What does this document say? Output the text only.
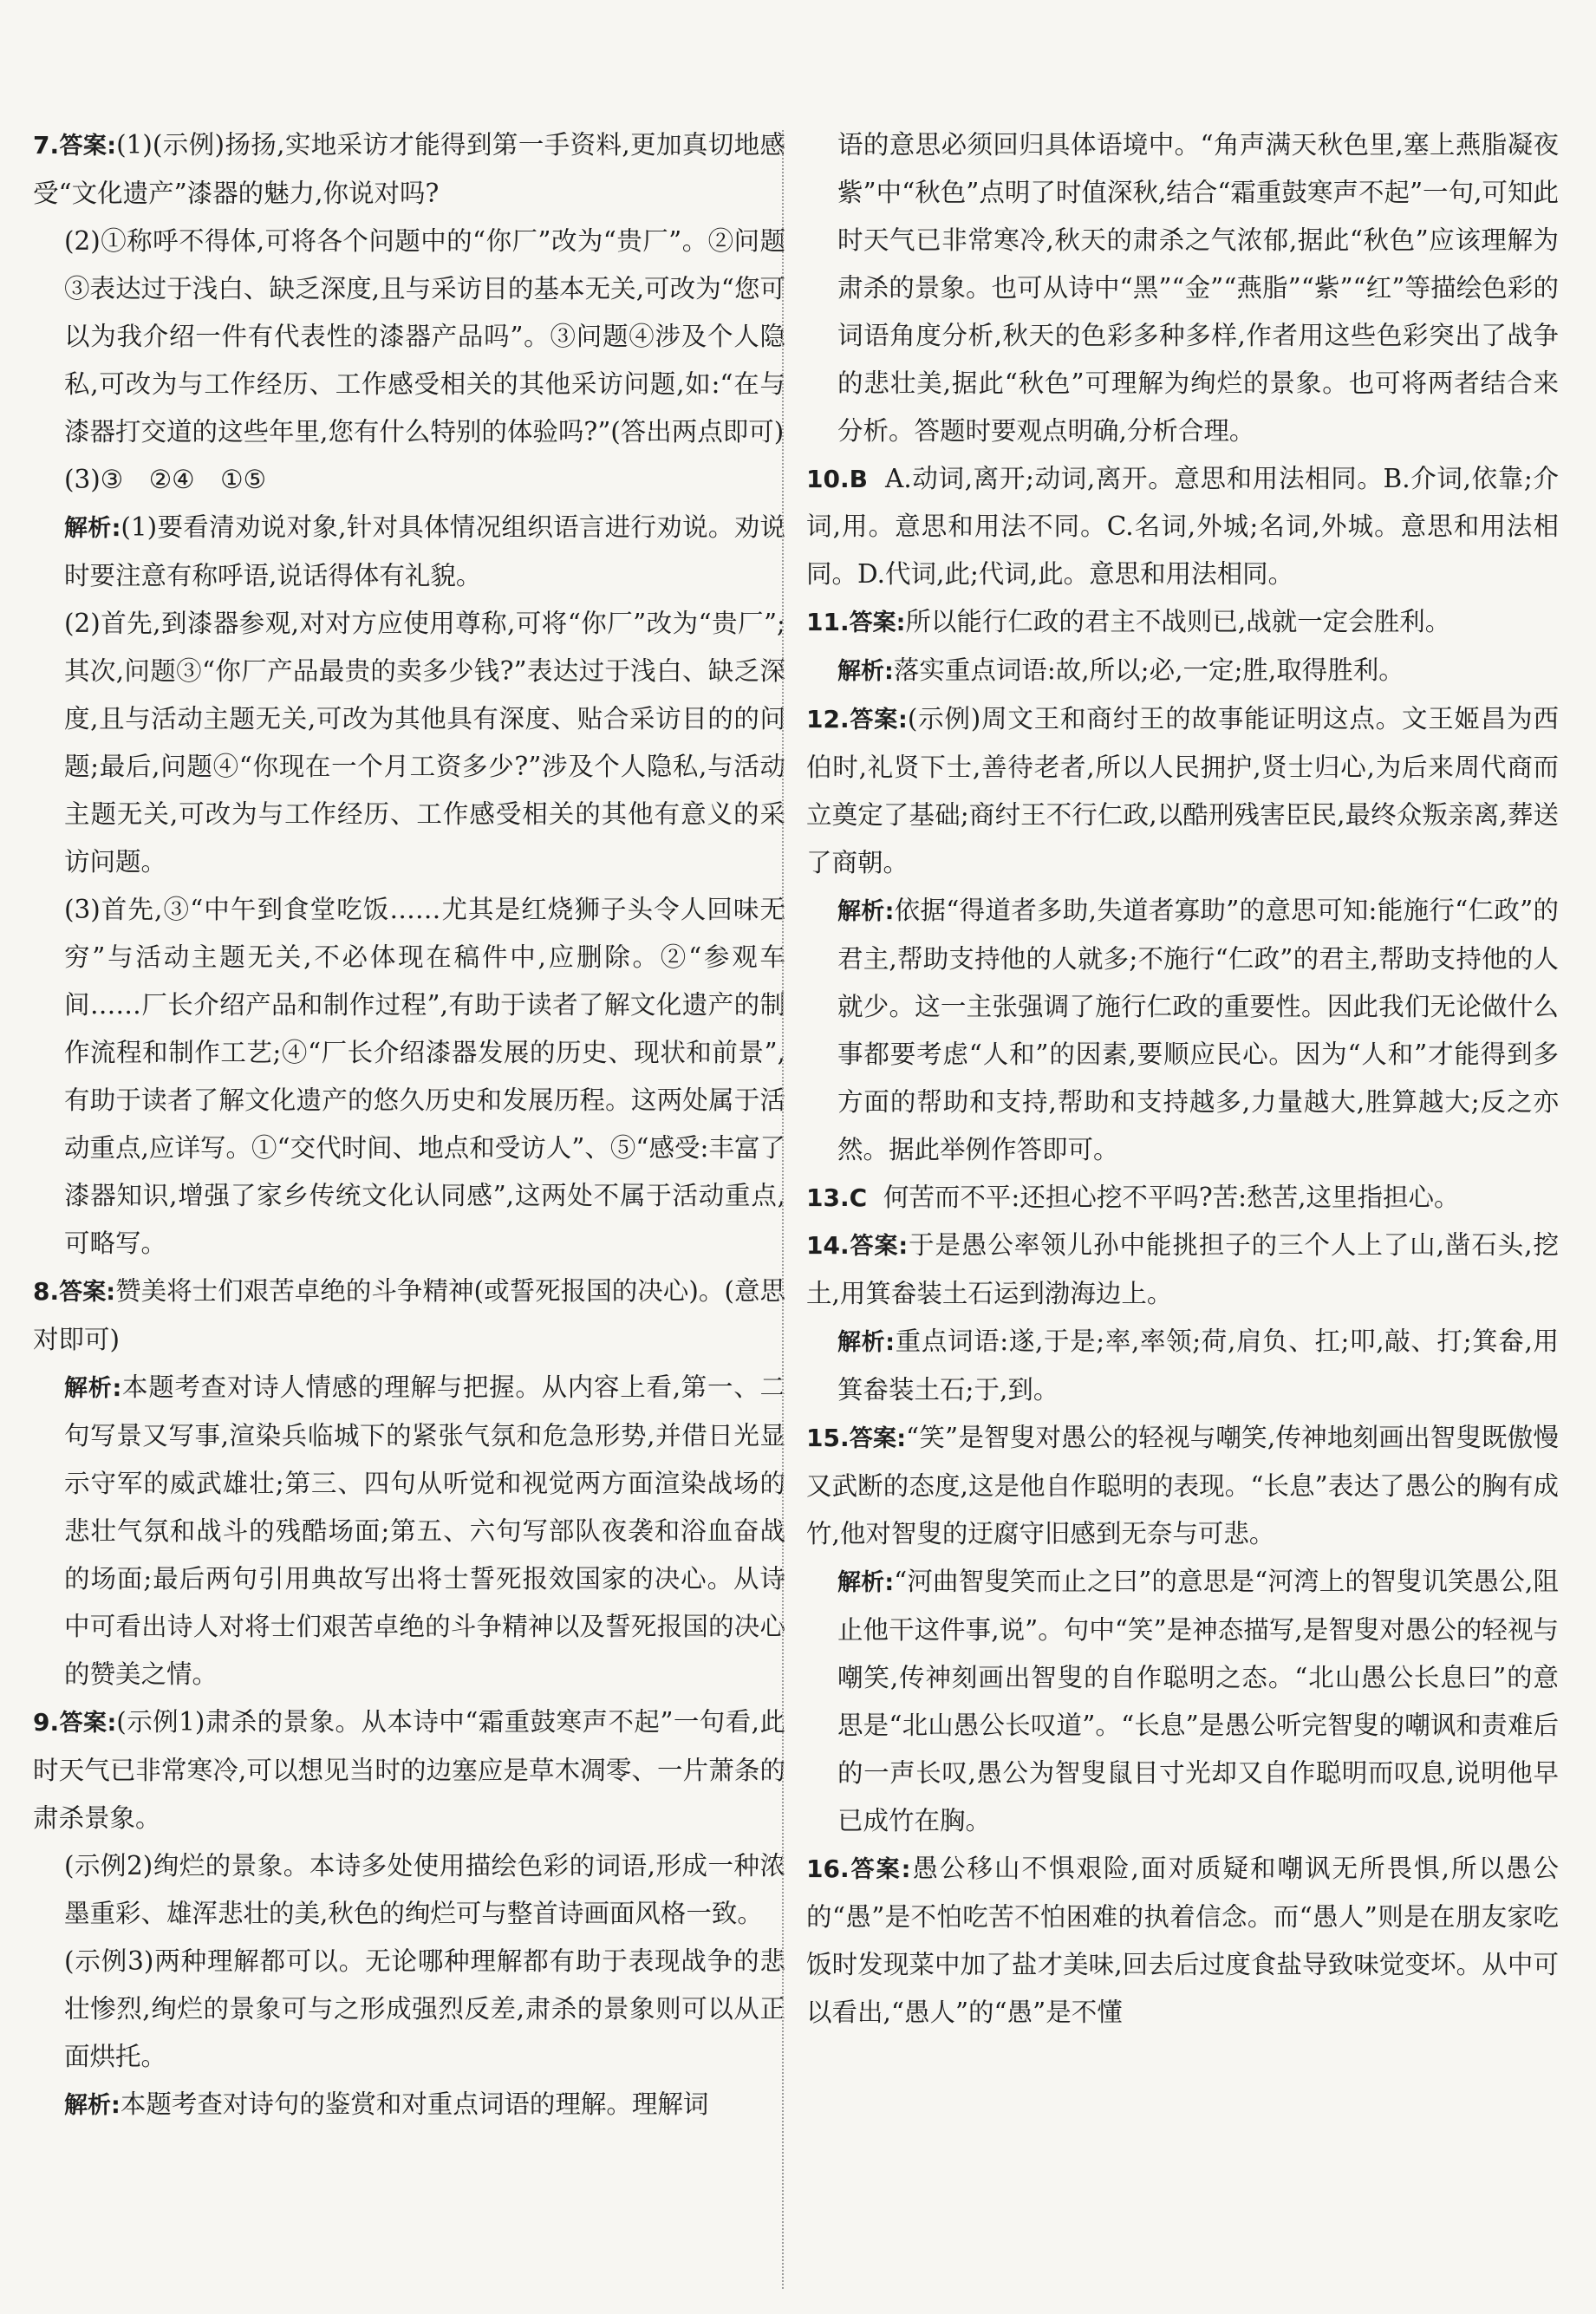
7.答案:(1)(示例)扬扬,实地采访才能得到第一手资料,更加真切地感受“文化遗产”漆器的魅力,你说对吗?

(2)①称呼不得体,可将各个问题中的“你厂”改为“贵厂”。②问题③表达过于浅白、缺乏深度,且与采访目的基本无关,可改为“您可以为我介绍一件有代表性的漆器产品吗”。③问题④涉及个人隐私,可改为与工作经历、工作感受相关的其他采访问题,如:“在与漆器打交道的这些年里,您有什么特别的体验吗?”(答出两点即可)

(3)③　②④　①⑤

解析:(1)要看清劝说对象,针对具体情况组织语言进行劝说。劝说时要注意有称呼语,说话得体有礼貌。

(2)首先,到漆器参观,对对方应使用尊称,可将“你厂”改为“贵厂”;其次,问题③“你厂产品最贵的卖多少钱?”表达过于浅白、缺乏深度,且与活动主题无关,可改为其他具有深度、贴合采访目的的问题;最后,问题④“你现在一个月工资多少?”涉及个人隐私,与活动主题无关,可改为与工作经历、工作感受相关的其他有意义的采访问题。

(3)首先,③“中午到食堂吃饭……尤其是红烧狮子头令人回味无穷”与活动主题无关,不必体现在稿件中,应删除。②“参观车间……厂长介绍产品和制作过程”,有助于读者了解文化遗产的制作流程和制作工艺;④“厂长介绍漆器发展的历史、现状和前景”,有助于读者了解文化遗产的悠久历史和发展历程。这两处属于活动重点,应详写。①“交代时间、地点和受访人”、⑤“感受:丰富了漆器知识,增强了家乡传统文化认同感”,这两处不属于活动重点,可略写。

8.答案:赞美将士们艰苦卓绝的斗争精神(或誓死报国的决心)。(意思对即可)
解析:本题考查对诗人情感的理解与把握。从内容上看,第一、二句写景又写事,渲染兵临城下的紧张气氛和危急形势,并借日光显示守军的威武雄壮;第三、四句从听觉和视觉两方面渲染战场的悲壮气氛和战斗的残酷场面;第五、六句写部队夜袭和浴血奋战的场面;最后两句引用典故写出将士誓死报效国家的决心。从诗中可看出诗人对将士们艰苦卓绝的斗争精神以及誓死报国的决心的赞美之情。
9.答案:(示例1)肃杀的景象。从本诗中“霜重鼓寒声不起”一句看,此时天气已非常寒冷,可以想见当时的边塞应是草木凋零、一片萧条的肃杀景象。

(示例2)绚烂的景象。本诗多处使用描绘色彩的词语,形成一种浓墨重彩、雄浑悲壮的美,秋色的绚烂可与整首诗画面风格一致。

(示例3)两种理解都可以。无论哪种理解都有助于表现战争的悲壮惨烈,绚烂的景象可与之形成强烈反差,肃杀的景象则可以从正面烘托。

解析:本题考查对诗句的鉴赏和对重点词语的理解。理解词

语的意思必须回归具体语境中。“角声满天秋色里,塞上燕脂凝夜紫”中“秋色”点明了时值深秋,结合“霜重鼓寒声不起”一句,可知此时天气已非常寒冷,秋天的肃杀之气浓郁,据此“秋色”应该理解为肃杀的景象。也可从诗中“黑”“金”“燕脂”“紫”“红”等描绘色彩的词语角度分析,秋天的色彩多种多样,作者用这些色彩突出了战争的悲壮美,据此“秋色”可理解为绚烂的景象。也可将两者结合来分析。答题时要观点明确,分析合理。

10.B A.动词,离开;动词,离开。意思和用法相同。B.介词,依靠;介词,用。意思和用法不同。C.名词,外城;名词,外城。意思和用法相同。D.代词,此;代词,此。意思和用法相同。
11.答案:所以能行仁政的君主不战则已,战就一定会胜利。
解析:落实重点词语:故,所以;必,一定;胜,取得胜利。
12.答案:(示例)周文王和商纣王的故事能证明这点。文王姬昌为西伯时,礼贤下士,善待老者,所以人民拥护,贤士归心,为后来周代商而立奠定了基础;商纣王不行仁政,以酷刑残害臣民,最终众叛亲离,葬送了商朝。
解析:依据“得道者多助,失道者寡助”的意思可知:能施行“仁政”的君主,帮助支持他的人就多;不施行“仁政”的君主,帮助支持他的人就少。这一主张强调了施行仁政的重要性。因此我们无论做什么事都要考虑“人和”的因素,要顺应民心。因为“人和”才能得到多方面的帮助和支持,帮助和支持越多,力量越大,胜算越大;反之亦然。据此举例作答即可。
13.C 何苦而不平:还担心挖不平吗?苦:愁苦,这里指担心。
14.答案:于是愚公率领儿孙中能挑担子的三个人上了山,凿石头,挖土,用箕畚装土石运到渤海边上。
解析:重点词语:遂,于是;率,率领;荷,肩负、扛;叩,敲、打;箕畚,用箕畚装土石;于,到。
15.答案:“笑”是智叟对愚公的轻视与嘲笑,传神地刻画出智叟既傲慢又武断的态度,这是他自作聪明的表现。“长息”表达了愚公的胸有成竹,他对智叟的迂腐守旧感到无奈与可悲。
解析:“河曲智叟笑而止之曰”的意思是“河湾上的智叟讥笑愚公,阻止他干这件事,说”。句中“笑”是神态描写,是智叟对愚公的轻视与嘲笑,传神刻画出智叟的自作聪明之态。“北山愚公长息曰”的意思是“北山愚公长叹道”。“长息”是愚公听完智叟的嘲讽和责难后的一声长叹,愚公为智叟鼠目寸光却又自作聪明而叹息,说明他早已成竹在胸。
16.答案:愚公移山不惧艰险,面对质疑和嘲讽无所畏惧,所以愚公的“愚”是不怕吃苦不怕困难的执着信念。而“愚人”则是在朋友家吃饭时发现菜中加了盐才美味,回去后过度食盐导致味觉变坏。从中可以看出,“愚人”的“愚”是不懂
